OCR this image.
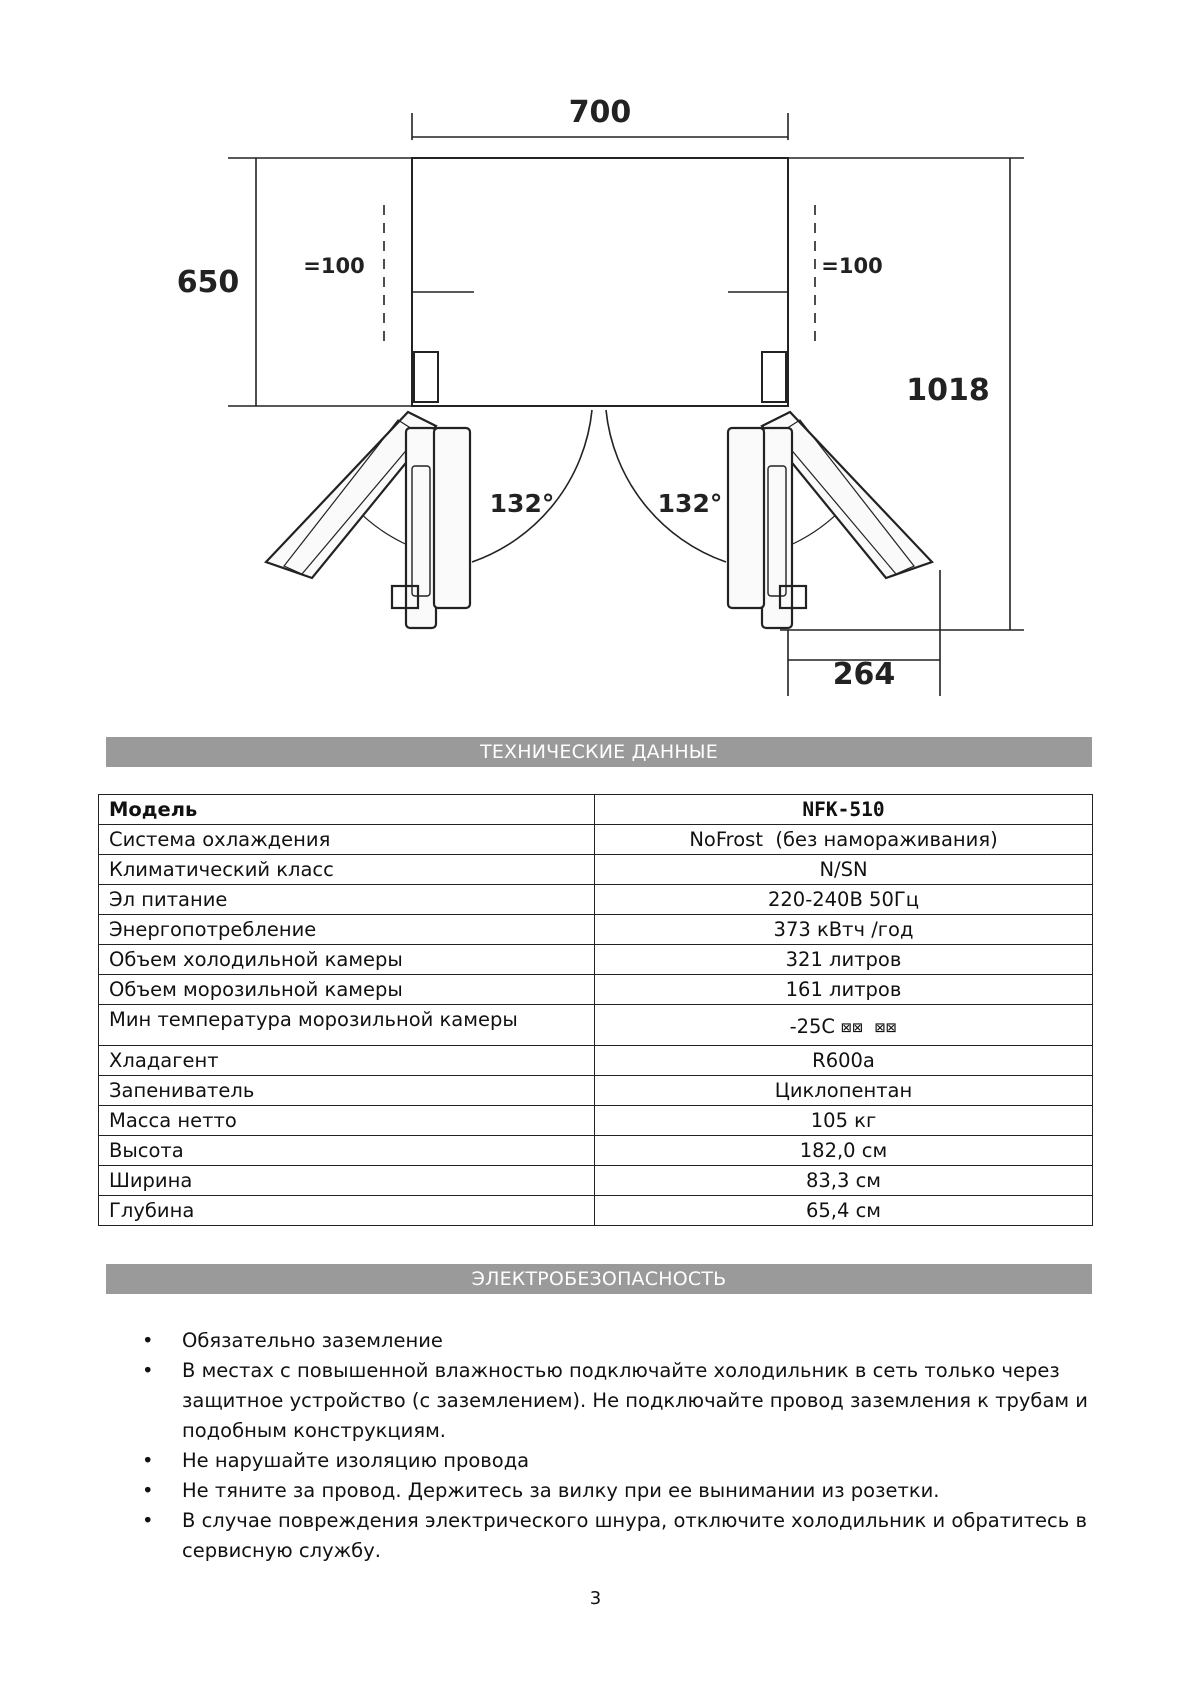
700
650	=100	=100
1018
132°	132°
264
ТЕХНИЧЕСКИЕ ДАННЫЕ
Модель	NFK-510
Система охлаждения	NoFrost  (без намораживания)
Климатический класс	N/SN
Эл питание	220-240В 50Гц
Энергопотребление	373 кВтч /год
Объем холодильной камеры	321 литров
Объем морозильной камеры	161 литров
Мин температура морозильной камеры	-25С ⊠⊠ ⊠⊠
Хладагент	R600a
Запениватель	Циклопентан
Масса нетто	105 кг
Высота	182,0 см
Ширина	83,3 см
Глубина	65,4 см
ЭЛЕКТРОБЕЗОПАСНОСТЬ
• Обязательно заземление
• В местах с повышенной влажностью подключайте холодильник в сеть только через защитное устройство (с заземлением). Не подключайте провод заземления к трубам и подобным конструкциям.
• Не нарушайте изоляцию провода
• Не тяните за провод. Держитесь за вилку при ее вынимании из розетки.
• В случае повреждения электрического шнура, отключите холодильник и обратитесь в сервисную службу.
3
